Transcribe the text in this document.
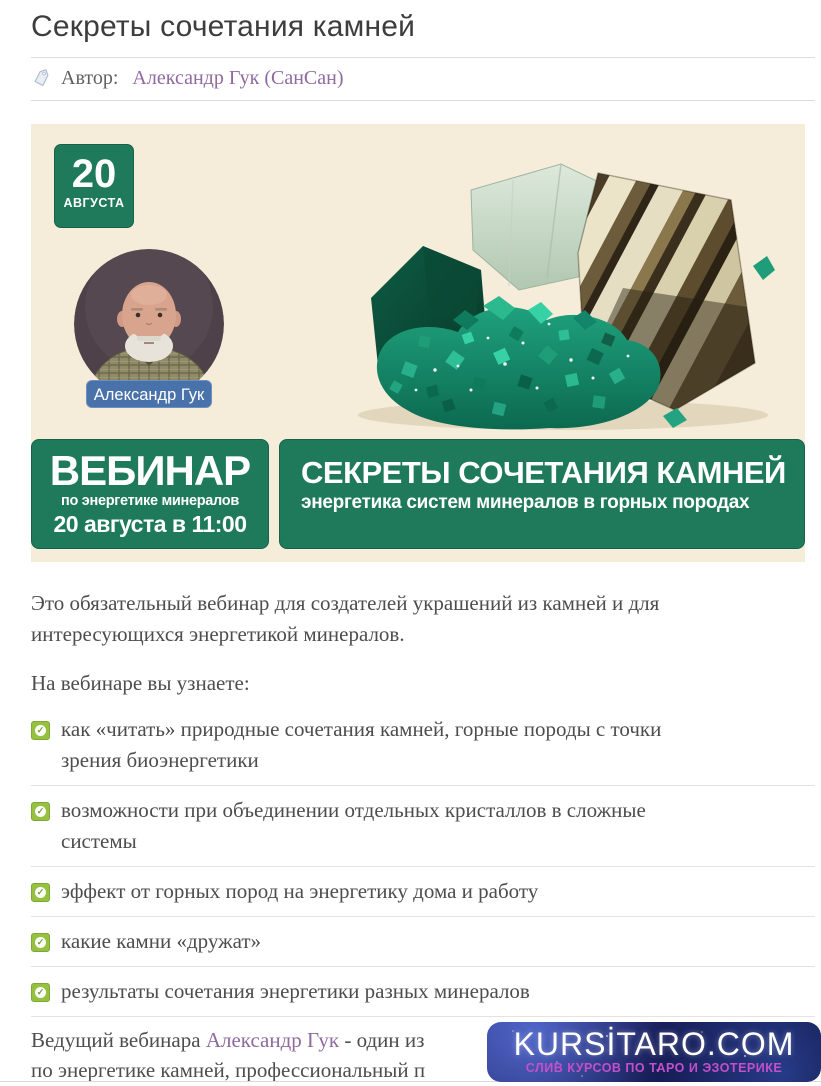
Секреты сочетания камней
Автор: Александр Гук (СанСан)
20
АВГУСТА
Александр Гук
ВЕБИНАР
по энергетике минералов
20 августа в 11:00
СЕКРЕТЫ СОЧЕТАНИЯ КАМНЕЙ
энергетика систем минералов в горных породах

Это обязательный вебинар для создателей украшений из камней и для интересующихся энергетикой минералов.

На вебинаре вы узнаете:

✓ как «читать» природные сочетания камней, горные породы с точки зрения биоэнергетики
✓ возможности при объединении отдельных кристаллов в сложные системы
✓ эффект от горных пород на энергетику дома и работу
✓ какие камни «дружат»
✓ результаты сочетания энергетики разных минералов

Ведущий вебинара Александр Гук - один из
по энергетике камней, профессиональный п

KURSİTARO.COM
СЛИВ КУРСОВ ПО ТАРО И ЭЗОТЕРИКЕ
